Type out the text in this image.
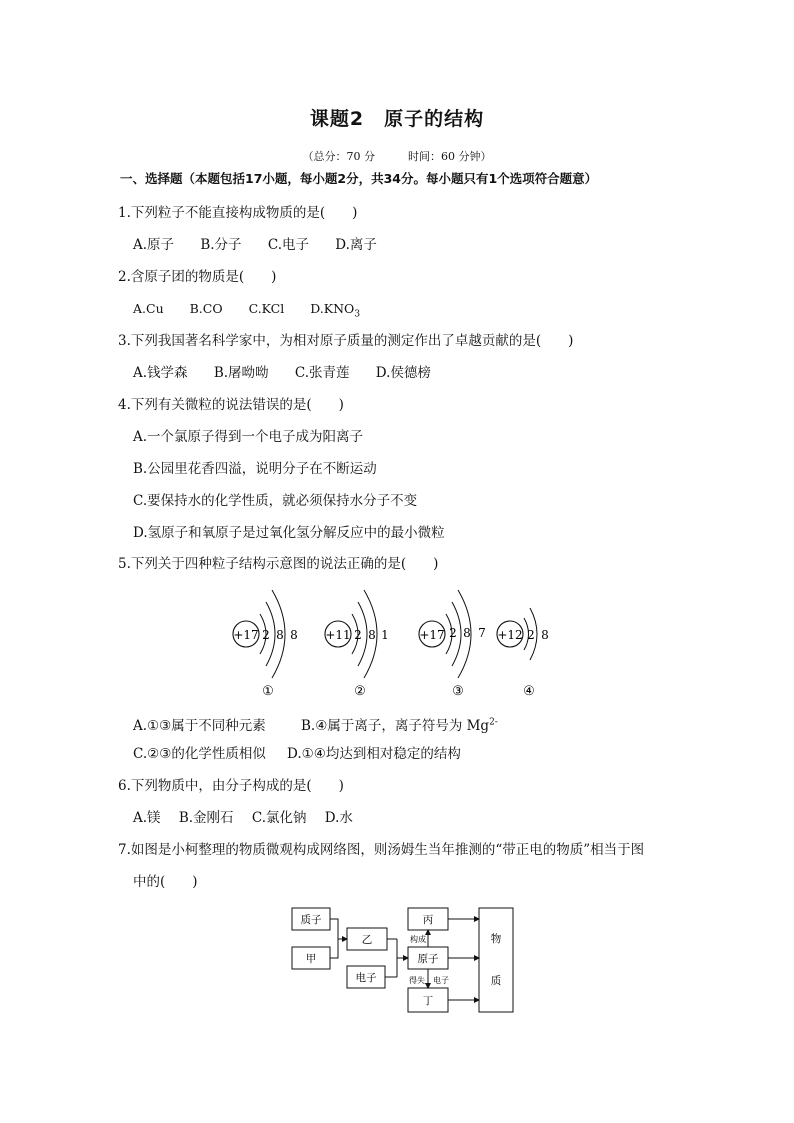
课题2　原子的结构
（总分：70 分　　　时间：60 分钟）
一、选择题（本题包括17小题，每小题2分，共34分。每小题只有1个选项符合题意）
1.下列粒子不能直接构成物质的是(　　)
A.原子 B.分子 C.电子 D.离子
2.含原子团的物质是(　　)
A.Cu B.CO C.KCl $D.KNO_3$
3.下列我国著名科学家中，为相对原子质量的测定作出了卓越贡献的是(　　)
A.钱学森 B.屠呦呦 C.张青莲 D.侯德榜
4.下列有关微粒的说法错误的是(　　)
A.一个氯原子得到一个电子成为阳离子
B.公园里花香四溢，说明分子在不断运动
C.要保持水的化学性质，就必须保持水分子不变
D.氢原子和氧原子是过氧化氢分解反应中的最小微粒
5.下列关于四种粒子结构示意图的说法正确的是(　　)
+17 2 8 8
①
+11 2 8 1
②
+17 2 8 7
③
+12 2 8
④
A.①③属于不同种元素	B.④属于离子，离子符号为 $Mg^{2-}$
C.②③的化学性质相似 D.①④均达到相对稳定的结构
6.下列物质中，由分子构成的是(　　)
A.镁 B.金刚石 C.氯化钠 D.水
7.如图是小柯整理的物质微观构成网络图，则汤姆生当年推测的“带正电的物质”相当于图
中的(　　)
质子
甲
乙
电子
丙
原子
丁
物
质
构成
得失 电子
